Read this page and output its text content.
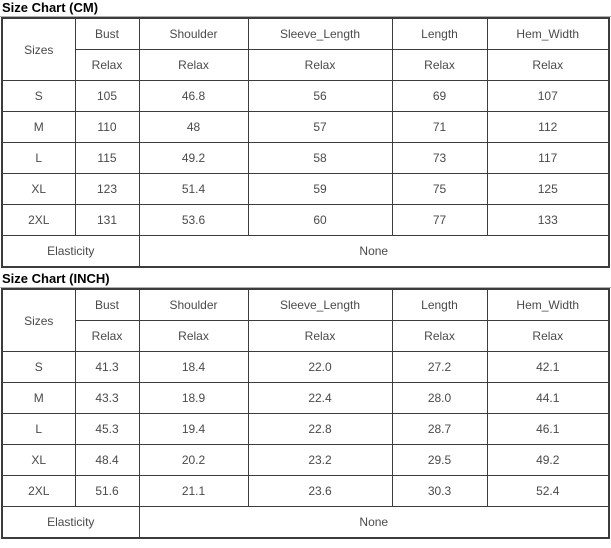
Size Chart (CM)
Sizes	Bust	Shoulder	Sleeve_Length	Length	Hem_Width
	Relax	Relax	Relax	Relax	Relax
S	105	46.8	56	69	107
M	110	48	57	71	112
L	115	49.2	58	73	117
XL	123	51.4	59	75	125
2XL	131	53.6	60	77	133
Elasticity		None			
Size Chart (INCH)
Sizes	Bust	Shoulder	Sleeve_Length	Length	Hem_Width
	Relax	Relax	Relax	Relax	Relax
S	41.3	18.4	22.0	27.2	42.1
M	43.3	18.9	22.4	28.0	44.1
L	45.3	19.4	22.8	28.7	46.1
XL	48.4	20.2	23.2	29.5	49.2
2XL	51.6	21.1	23.6	30.3	52.4
Elasticity		None			
